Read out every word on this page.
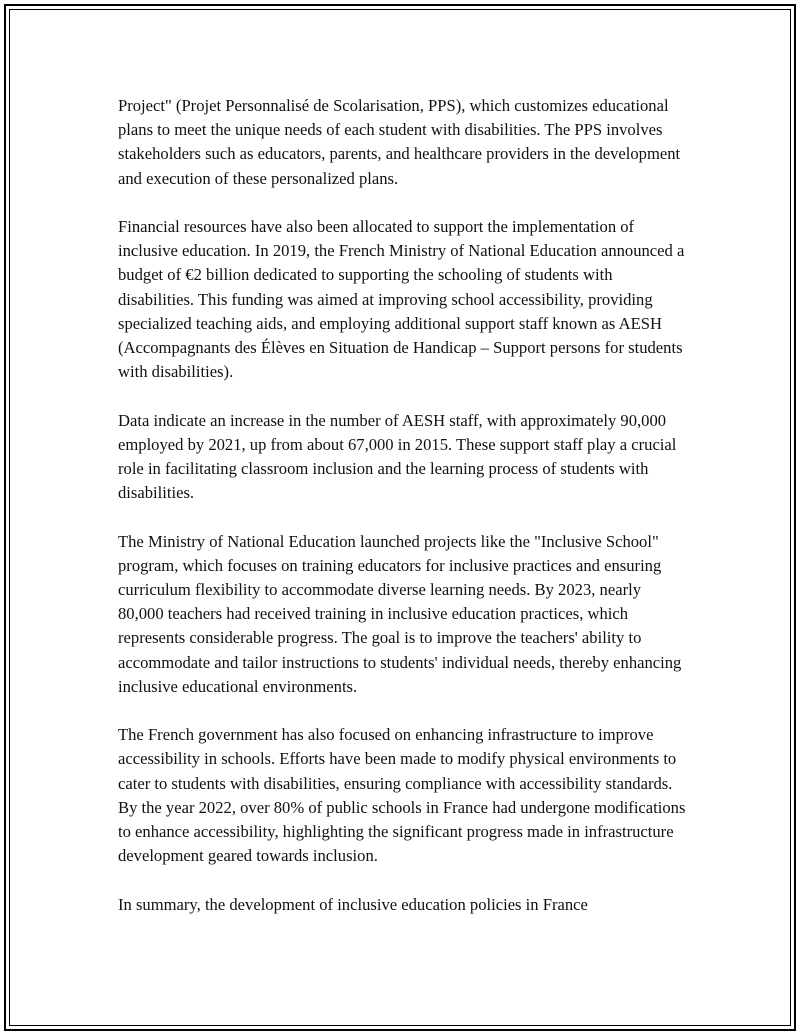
Project" (Projet Personnalisé de Scolarisation, PPS), which customizes educational plans to meet the unique needs of each student with disabilities. The PPS involves stakeholders such as educators, parents, and healthcare providers in the development and execution of these personalized plans.

Financial resources have also been allocated to support the implementation of inclusive education. In 2019, the French Ministry of National Education announced a budget of €2 billion dedicated to supporting the schooling of students with disabilities. This funding was aimed at improving school accessibility, providing specialized teaching aids, and employing additional support staff known as AESH (Accompagnants des Élèves en Situation de Handicap – Support persons for students with disabilities).

Data indicate an increase in the number of AESH staff, with approximately 90,000 employed by 2021, up from about 67,000 in 2015. These support staff play a crucial role in facilitating classroom inclusion and the learning process of students with disabilities.

The Ministry of National Education launched projects like the "Inclusive School" program, which focuses on training educators for inclusive practices and ensuring curriculum flexibility to accommodate diverse learning needs. By 2023, nearly 80,000 teachers had received training in inclusive education practices, which represents considerable progress. The goal is to improve the teachers' ability to accommodate and tailor instructions to students' individual needs, thereby enhancing inclusive educational environments.

The French government has also focused on enhancing infrastructure to improve accessibility in schools. Efforts have been made to modify physical environments to cater to students with disabilities, ensuring compliance with accessibility standards. By the year 2022, over 80% of public schools in France had undergone modifications to enhance accessibility, highlighting the significant progress made in infrastructure development geared towards inclusion.

In summary, the development of inclusive education policies in France
